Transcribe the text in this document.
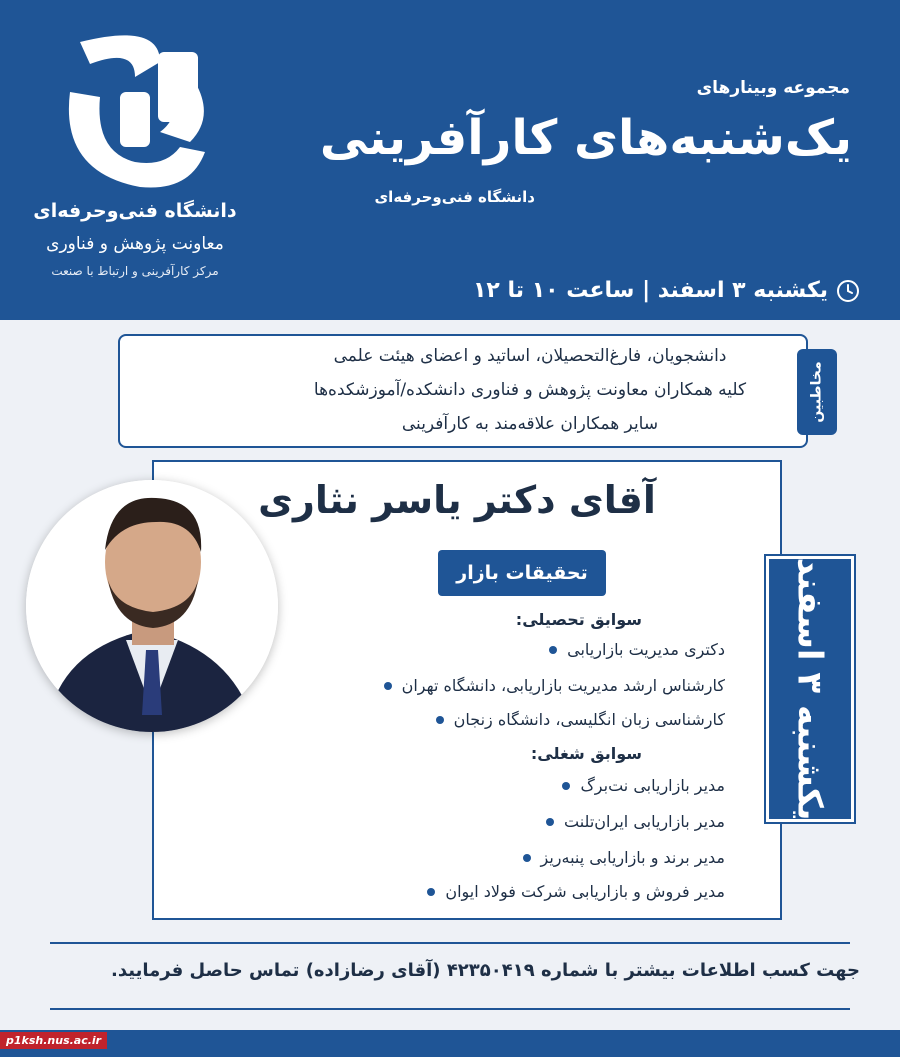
دانشگاه فنی‌وحرفه‌ای
معاونت پژوهش و فناوری
مرکز کارآفرینی و ارتباط با صنعت
مجموعه وبینارهای
یک‌شنبه‌های کارآفرینی
دانشگاه فنی‌وحرفه‌ای
یکشنبه ۳ اسفند | ساعت ۱۰ تا ۱۲
دانشجویان، فارغ‌التحصیلان، اساتید و اعضای هیئت علمی
کلیه همکاران معاونت پژوهش و فناوری دانشکده/آموزشکده‌ها
سایر همکاران علاقه‌مند به کارآفرینی
مخاطبین
آقای دکتر یاسر نثاری
تحقیقات بازار
سوابق تحصیلی:
دکتری مدیریت بازاریابی
کارشناس ارشد مدیریت بازاریابی، دانشگاه تهران
کارشناسی زبان انگلیسی، دانشگاه زنجان
سوابق شغلی:
مدیر بازاریابی نت‌برگ
مدیر بازاریابی ایران‌تلنت
مدیر برند و بازاریابی پنبه‌ریز
مدیر فروش و بازاریابی شرکت فولاد ایوان
یکشنبه ۳ اسفند
جهت کسب اطلاعات بیشتر با شماره ۴۲۳۵۰۴۱۹ (آقای رضازاده) تماس حاصل فرمایید.
p1ksh.nus.ac.ir
